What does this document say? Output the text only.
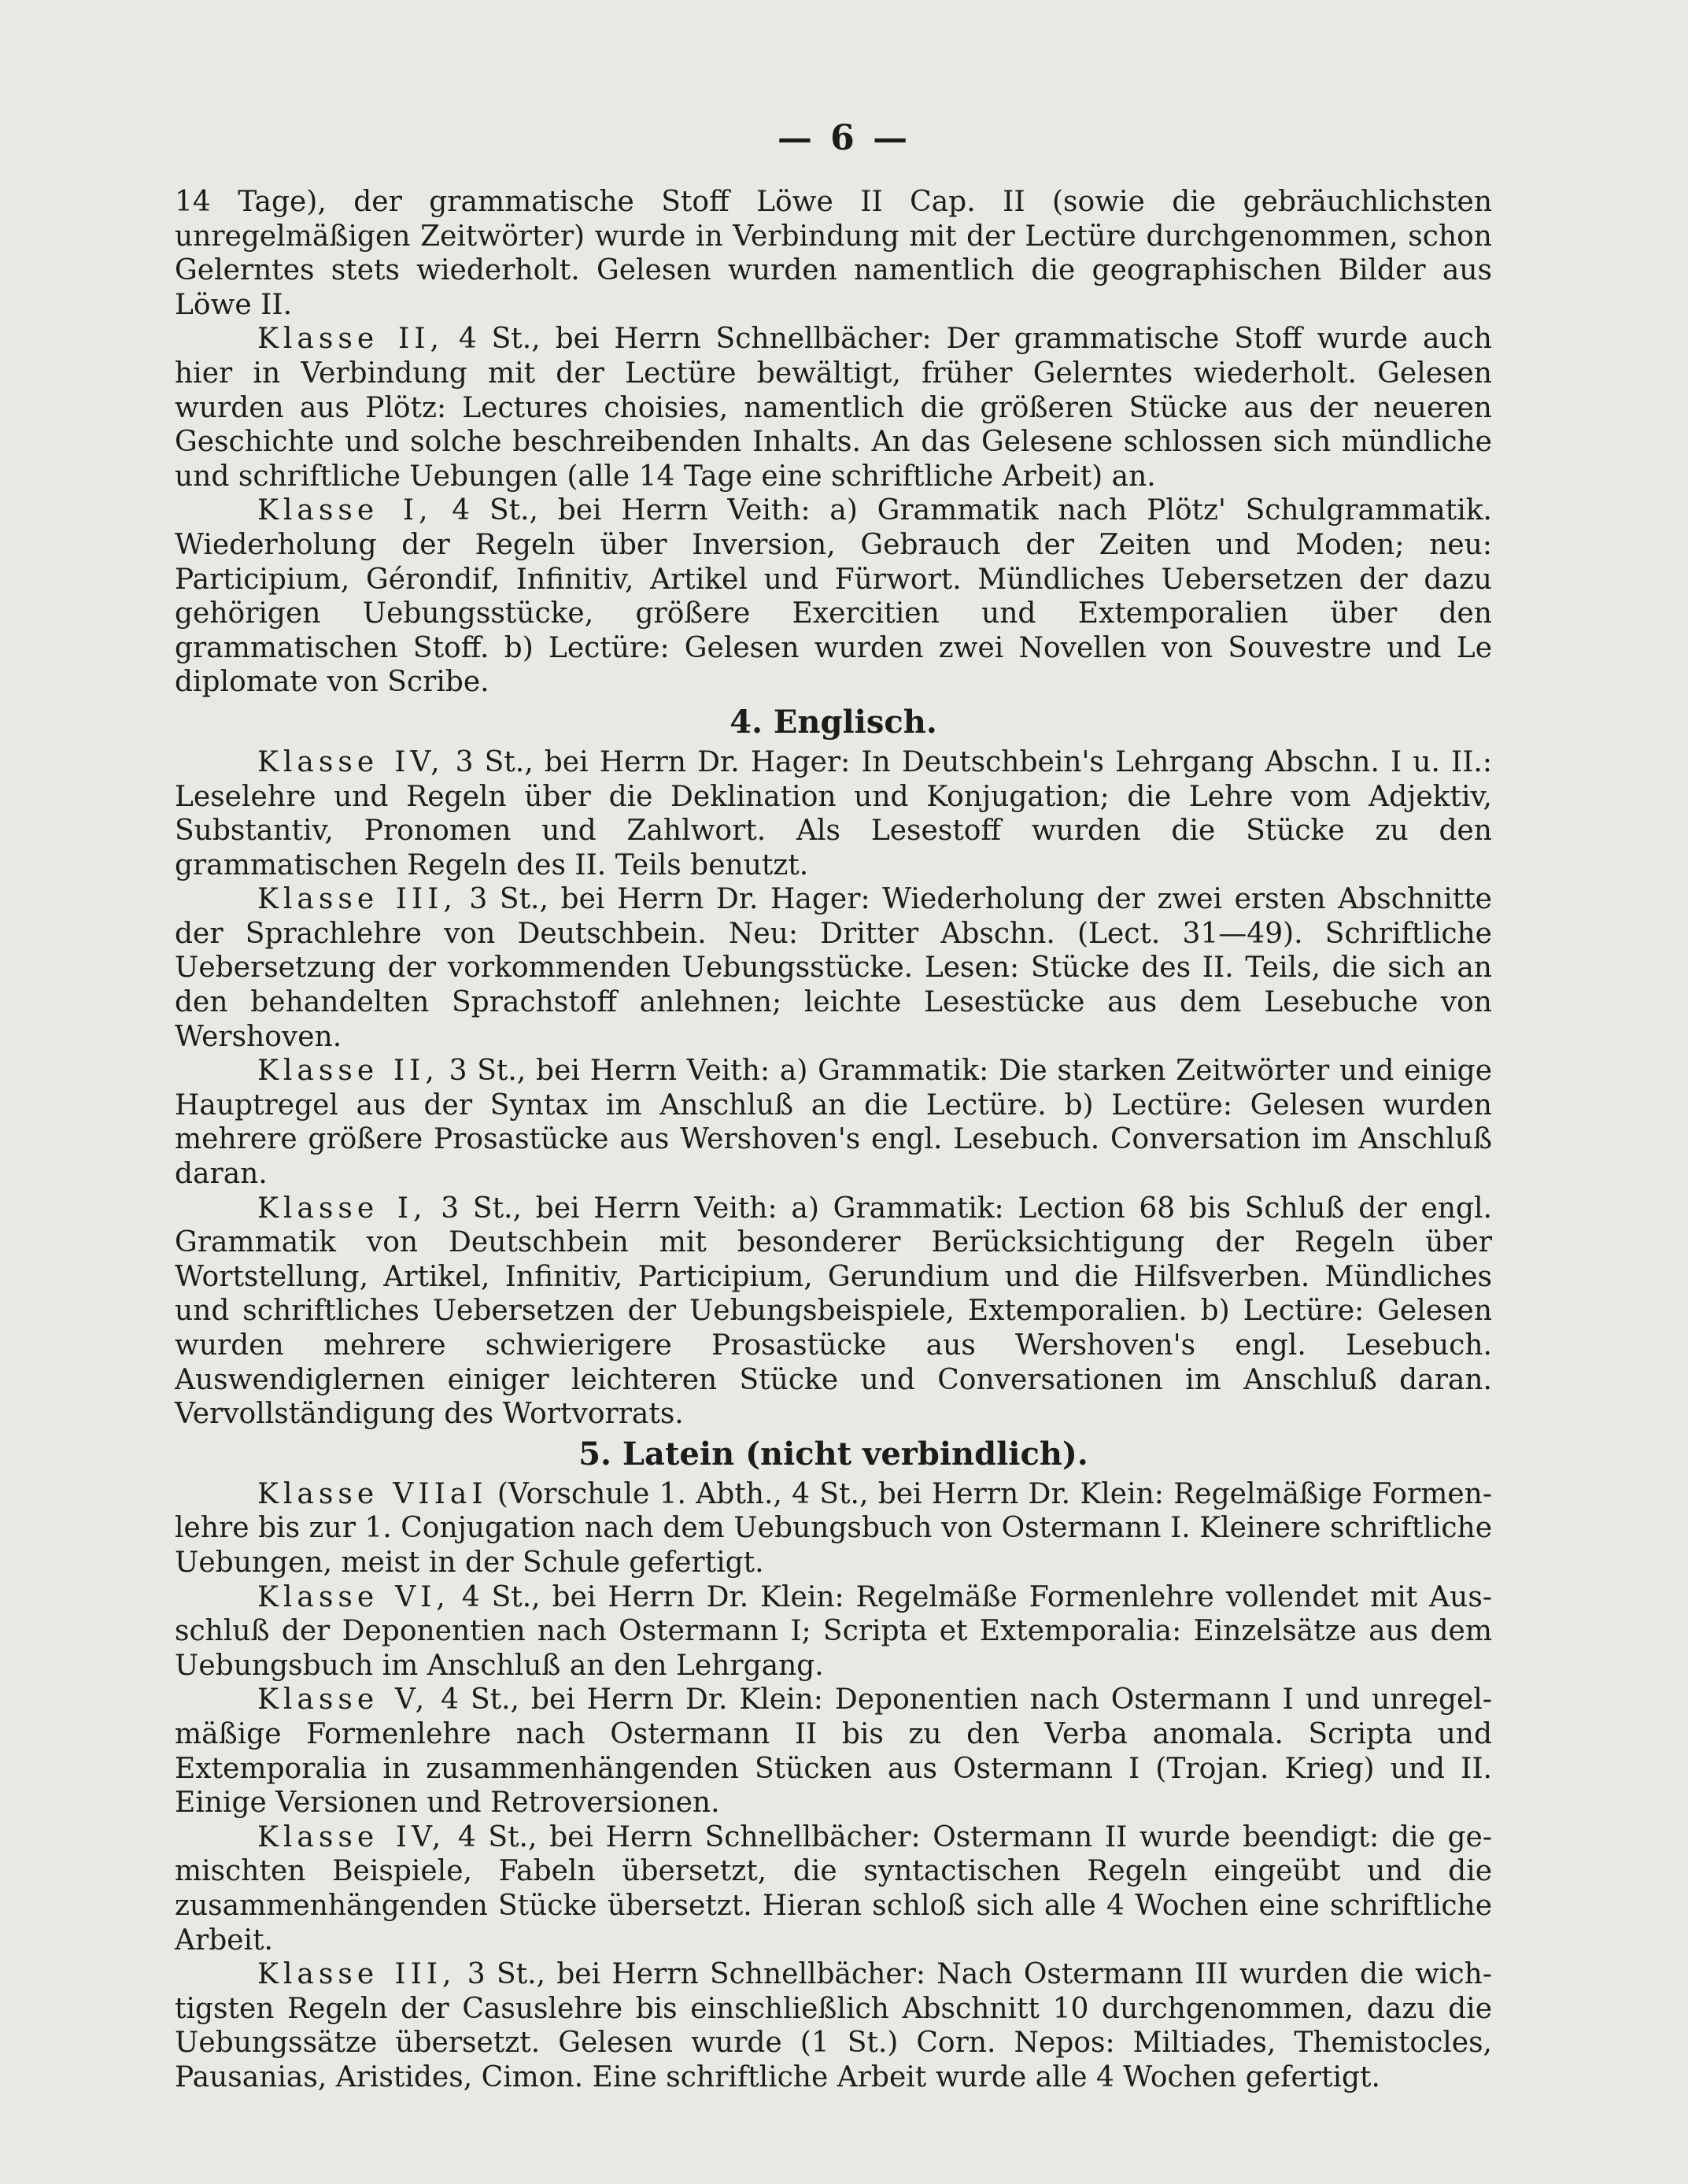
— 6 —

14 Tage), der grammatische Stoff Löwe II Cap. II (sowie die gebräuchlichsten unregelmäßigen Zeitwörter) wurde in Verbindung mit der Lectüre durchgenommen, schon Gelerntes stets wiederholt. Gelesen wurden namentlich die geographischen Bilder aus Löwe II.

Klasse II, 4 St., bei Herrn Schnellbächer: Der grammatische Stoff wurde auch hier in Verbindung mit der Lectüre bewältigt, früher Gelerntes wiederholt. Gelesen wurden aus Plötz: Lectures choisies, namentlich die größeren Stücke aus der neueren Geschichte und solche beschreibenden Inhalts. An das Gelesene schlossen sich mündliche und schriftliche Uebungen (alle 14 Tage eine schriftliche Arbeit) an.

Klasse I, 4 St., bei Herrn Veith: a) Grammatik nach Plötz' Schulgrammatik. Wiederholung der Regeln über Inversion, Gebrauch der Zeiten und Moden; neu: Participium, Gérondif, Infinitiv, Artikel und Fürwort. Mündliches Uebersetzen der dazu gehörigen Uebungsstücke, größere Exercitien und Extemporalien über den grammatischen Stoff. b) Lectüre: Gelesen wurden zwei Novellen von Souvestre und Le diplomate von Scribe.

4. Englisch.

Klasse IV, 3 St., bei Herrn Dr. Hager: In Deutschbein's Lehrgang Abschn. I u. II.: Leselehre und Regeln über die Deklination und Konjugation; die Lehre vom Adjektiv, Substantiv, Pronomen und Zahlwort. Als Lesestoff wurden die Stücke zu den grammatischen Regeln des II. Teils benutzt.

Klasse III, 3 St., bei Herrn Dr. Hager: Wiederholung der zwei ersten Abschnitte der Sprachlehre von Deutschbein. Neu: Dritter Abschn. (Lect. 31—49). Schriftliche Uebersetzung der vorkommenden Uebungsstücke. Lesen: Stücke des II. Teils, die sich an den behandelten Sprachstoff anlehnen; leichte Lesestücke aus dem Lesebuche von Wershoven.

Klasse II, 3 St., bei Herrn Veith: a) Grammatik: Die starken Zeitwörter und einige Hauptregel aus der Syntax im Anschluß an die Lectüre. b) Lectüre: Gelesen wurden mehrere größere Prosastücke aus Wershoven's engl. Lesebuch. Conversation im Anschluß daran.

Klasse I, 3 St., bei Herrn Veith: a) Grammatik: Lection 68 bis Schluß der engl. Grammatik von Deutschbein mit besonderer Berücksichtigung der Regeln über Wortstellung, Artikel, Infinitiv, Participium, Gerundium und die Hilfsverben. Mündliches und schriftliches Uebersetzen der Uebungsbeispiele, Extemporalien. b) Lectüre: Gelesen wurden mehrere schwierigere Prosastücke aus Wershoven's engl. Lesebuch. Auswendiglernen einiger leichteren Stücke und Conversationen im Anschluß daran. Vervollständigung des Wortvorrats.

5. Latein (nicht verbindlich).

Klasse VIIaI (Vorschule 1. Abth., 4 St., bei Herrn Dr. Klein: Regelmäßige Formenlehre bis zur 1. Conjugation nach dem Uebungsbuch von Ostermann I. Kleinere schriftliche Uebungen, meist in der Schule gefertigt.

Klasse VI, 4 St., bei Herrn Dr. Klein: Regelmäße Formenlehre vollendet mit Ausschluß der Deponentien nach Ostermann I; Scripta et Extemporalia: Einzelsätze aus dem Uebungsbuch im Anschluß an den Lehrgang.

Klasse V, 4 St., bei Herrn Dr. Klein: Deponentien nach Ostermann I und unregelmäßige Formenlehre nach Ostermann II bis zu den Verba anomala. Scripta und Extemporalia in zusammenhängenden Stücken aus Ostermann I (Trojan. Krieg) und II. Einige Versionen und Retroversionen.

Klasse IV, 4 St., bei Herrn Schnellbächer: Ostermann II wurde beendigt: die gemischten Beispiele, Fabeln übersetzt, die syntactischen Regeln eingeübt und die zusammenhängenden Stücke übersetzt. Hieran schloß sich alle 4 Wochen eine schriftliche Arbeit.

Klasse III, 3 St., bei Herrn Schnellbächer: Nach Ostermann III wurden die wichtigsten Regeln der Casuslehre bis einschließlich Abschnitt 10 durchgenommen, dazu die Uebungssätze übersetzt. Gelesen wurde (1 St.) Corn. Nepos: Miltiades, Themistocles, Pausanias, Aristides, Cimon. Eine schriftliche Arbeit wurde alle 4 Wochen gefertigt.
